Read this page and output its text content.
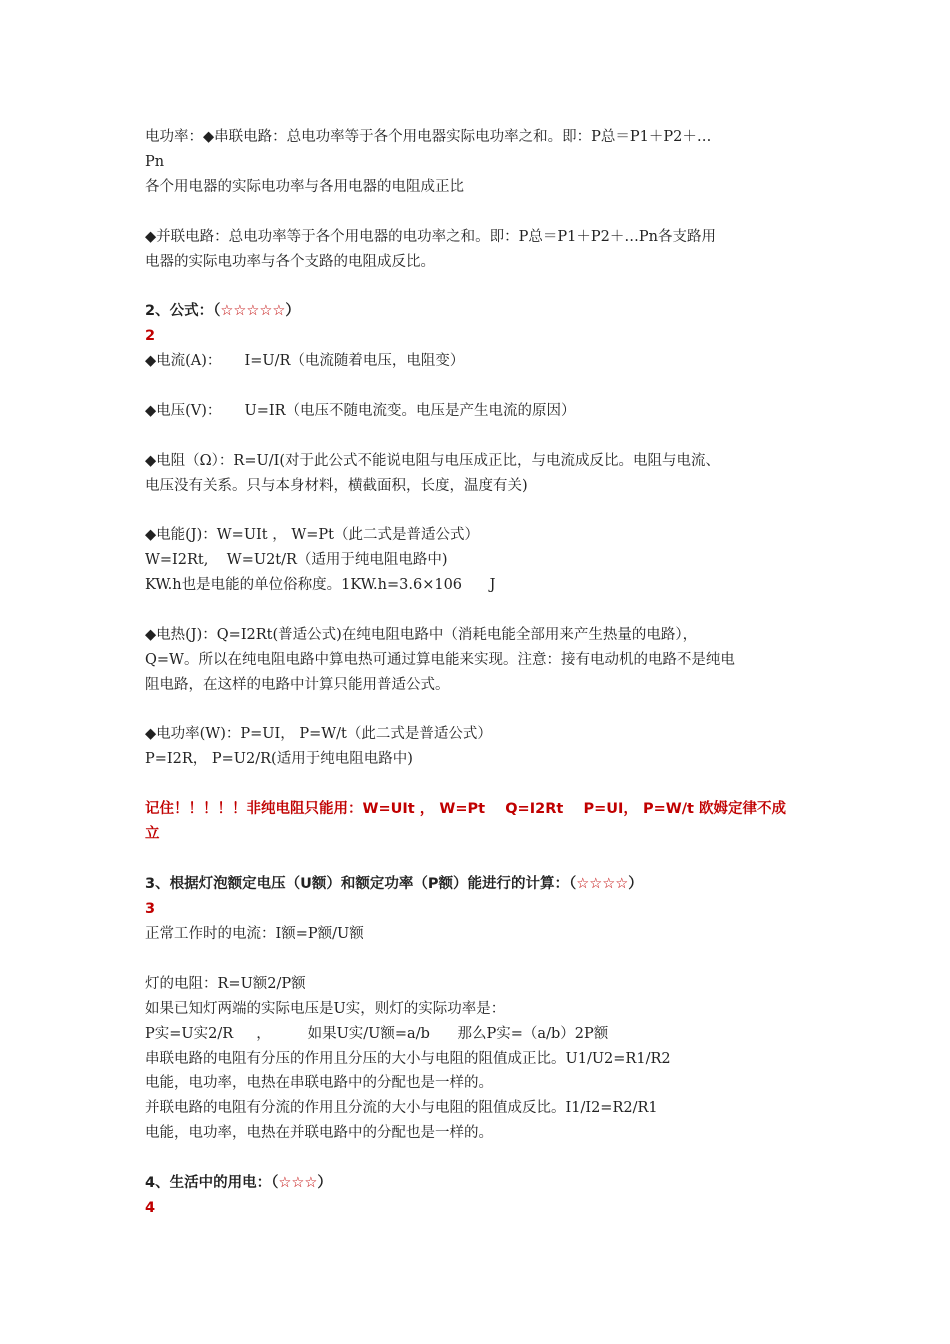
电功率：◆串联电路：总电功率等于各个用电器实际电功率之和。即：P总＝P1＋P2＋…
Pn
各个用电器的实际电功率与各用电器的电阻成正比
◆并联电路：总电功率等于各个用电器的电功率之和。即：P总＝P1＋P2＋…Pn各支路用
电器的实际电功率与各个支路的电阻成反比。
2、公式：（☆☆☆☆☆）
2
◆电流(A)：     I=U/R（电流随着电压，电阻变）
◆电压(V)：     U=IR（电压不随电流变。电压是产生电流的原因）
◆电阻（Ω）：R=U/I(对于此公式不能说电阻与电压成正比，与电流成反比。电阻与电流、
电压没有关系。只与本身材料，横截面积，长度，温度有关)
◆电能(J)：W=UIt ， W=Pt（此二式是普适公式）
W=I2Rt,    W=U2t/R（适用于纯电阻电路中)
KW.h也是电能的单位俗称度。1KW.h=3.6×106      J
◆电热(J)：Q=I2Rt(普适公式)在纯电阻电路中（消耗电能全部用来产生热量的电路），
Q=W。所以在纯电阻电路中算电热可通过算电能来实现。注意：接有电动机的电路不是纯电
阻电路，在这样的电路中计算只能用普适公式。
◆电功率(W)：P=UI， P=W/t（此二式是普适公式）
P=I2R， P=U2/R(适用于纯电阻电路中)
记住！！！！！非纯电阻只能用：W=UIt ， W=Pt    Q=I2Rt    P=UI， P=W/t 欧姆定律不成
立
3、根据灯泡额定电压（U额）和额定功率（P额）能进行的计算：（☆☆☆☆）
3
正常工作时的电流：I额=P额/U额
灯的电阻：R=U额2/P额
如果已知灯两端的实际电压是U实，则灯的实际功率是：
P实=U实2/R     ，        如果U实/U额=a/b      那么P实=（a/b）2P额
串联电路的电阻有分压的作用且分压的大小与电阻的阻值成正比。U1/U2=R1/R2
电能，电功率，电热在串联电路中的分配也是一样的。
并联电路的电阻有分流的作用且分流的大小与电阻的阻值成反比。I1/I2=R2/R1
电能，电功率，电热在并联电路中的分配也是一样的。
4、生活中的用电：（☆☆☆）
4
